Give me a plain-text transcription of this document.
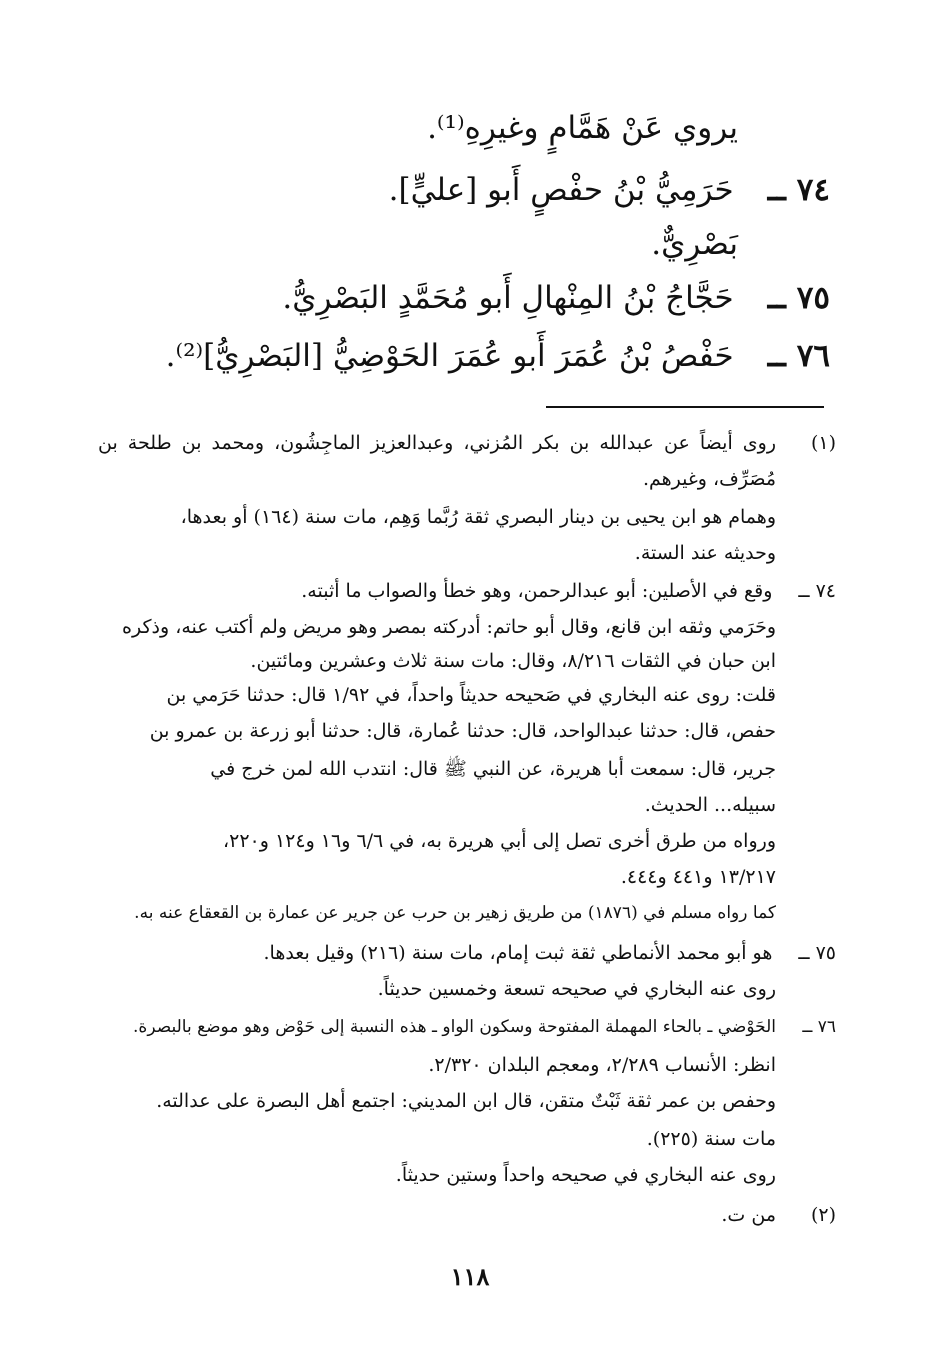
يروي عَنْ هَمَّامٍ وغيرِهِ⁽¹⁾.
٧٤ ــحَرَمِيُّ بْنُ حفْصٍ أَبو [عليٍّ].
بَصْرِيٌّ.
٧٥ ــحَجَّاجُ بْنُ المِنْهالِ أَبو مُحَمَّدٍ البَصْرِيُّ.
٧٦ ــحَفْصُ بْنُ عُمَرَ أَبو عُمَرَ الحَوْضِيُّ [البَصْرِيُّ]⁽²⁾.
(١)روى أيضاً عن عبدالله بن بكر المُزني، وعبدالعزيز الماجِشُون، ومحمد بن طلحة بن
مُصَرِّف، وغيرهم.
وهمام هو ابن يحيى بن دينار البصري ثقة رُبَّما وَهِم، مات سنة (١٦٤) أو بعدها،
وحديثه عند الستة.
٧٤ ــوقع في الأصلين: أبو عبدالرحمن، وهو خطأ والصواب ما أثبته.
وحَرَمي وثقه ابن قانع، وقال أبو حاتم: أدركته بمصر وهو مريض ولم أكتب عنه، وذكره
ابن حبان في الثقات ٨/٢١٦، وقال: مات سنة ثلاث وعشرين ومائتين.
قلت: روى عنه البخاري في صَحيحه حديثاً واحداً، في ١/٩٢ قال: حدثنا حَرَمي بن
حفص، قال: حدثنا عبدالواحد، قال: حدثنا عُمارة، قال: حدثنا أبو زرعة بن عمرو بن
جرير، قال: سمعت أبا هريرة، عن النبي ﷺ قال: انتدب الله لمن خرج في
سبيله... الحديث.
ورواه من طرق أخرى تصل إلى أبي هريرة به، في ٦/٦ و١٦ و١٢٤ و٢٢٠،
١٣/٢١٧ و٤٤١ و٤٤٤.
كما رواه مسلم في (١٨٧٦) من طريق زهير بن حرب عن جرير عن عمارة بن القعقاع عنه به.
٧٥ ــهو أبو محمد الأنماطي ثقة ثبت إمام، مات سنة (٢١٦) وقيل بعدها.
روى عنه البخاري في صحيحه تسعة وخمسين حديثاً.
٧٦ ــالحَوْضي ـ بالحاء المهملة المفتوحة وسكون الواو ـ هذه النسبة إلى حَوْض وهو موضع بالبصرة.
انظر: الأنساب ٢/٢٨٩، ومعجم البلدان ٢/٣٢٠.
وحفص بن عمر ثقة ثَبْتٌ متقن، قال ابن المديني: اجتمع أهل البصرة على عدالته.
مات سنة (٢٢٥).
روى عنه البخاري في صحيحه واحداً وستين حديثاً.
(٢)من ت.
١١٨
